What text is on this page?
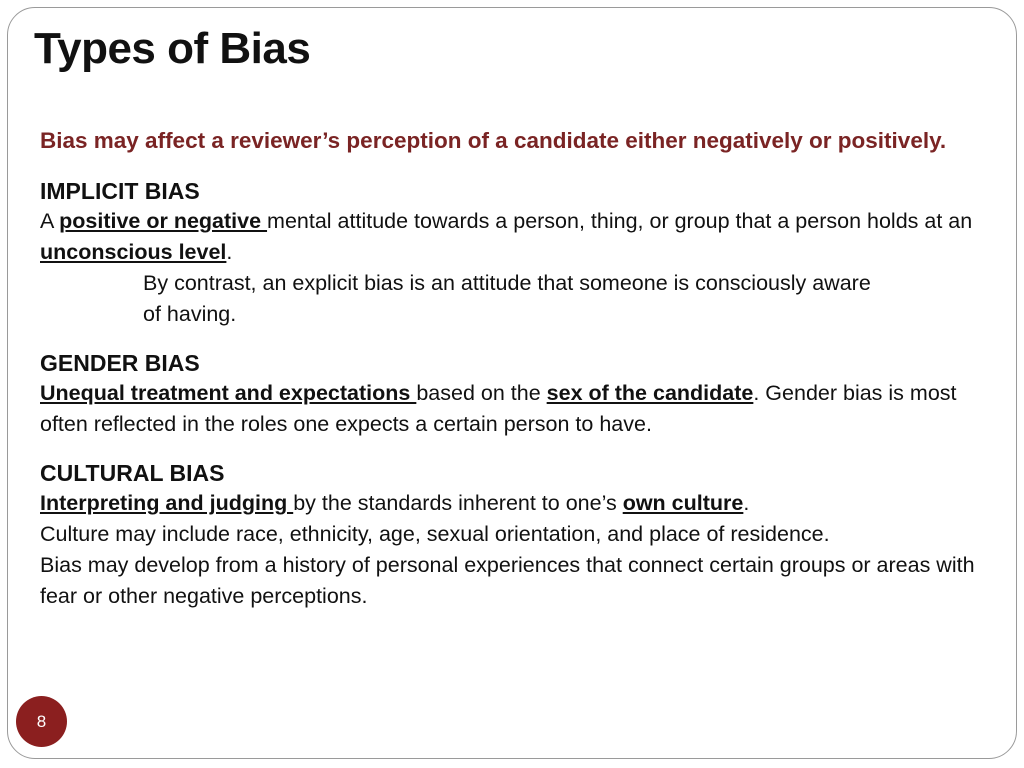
Types of Bias

Bias may affect a reviewer’s perception of a candidate either negatively or positively.

IMPLICIT BIAS

A positive or negative mental attitude towards a person, thing, or group that a person holds at an unconscious level.

By contrast, an explicit bias is an attitude that someone is consciously aware of having.

GENDER BIAS

Unequal treatment and expectations based on the sex of the candidate. Gender bias is most often reflected in the roles one expects a certain person to have.

CULTURAL BIAS

Interpreting and judging by the standards inherent to one’s own culture.

Culture may include race, ethnicity, age, sexual orientation, and place of residence.

Bias may develop from a history of personal experiences that connect certain groups or areas with fear or other negative perceptions.

8
